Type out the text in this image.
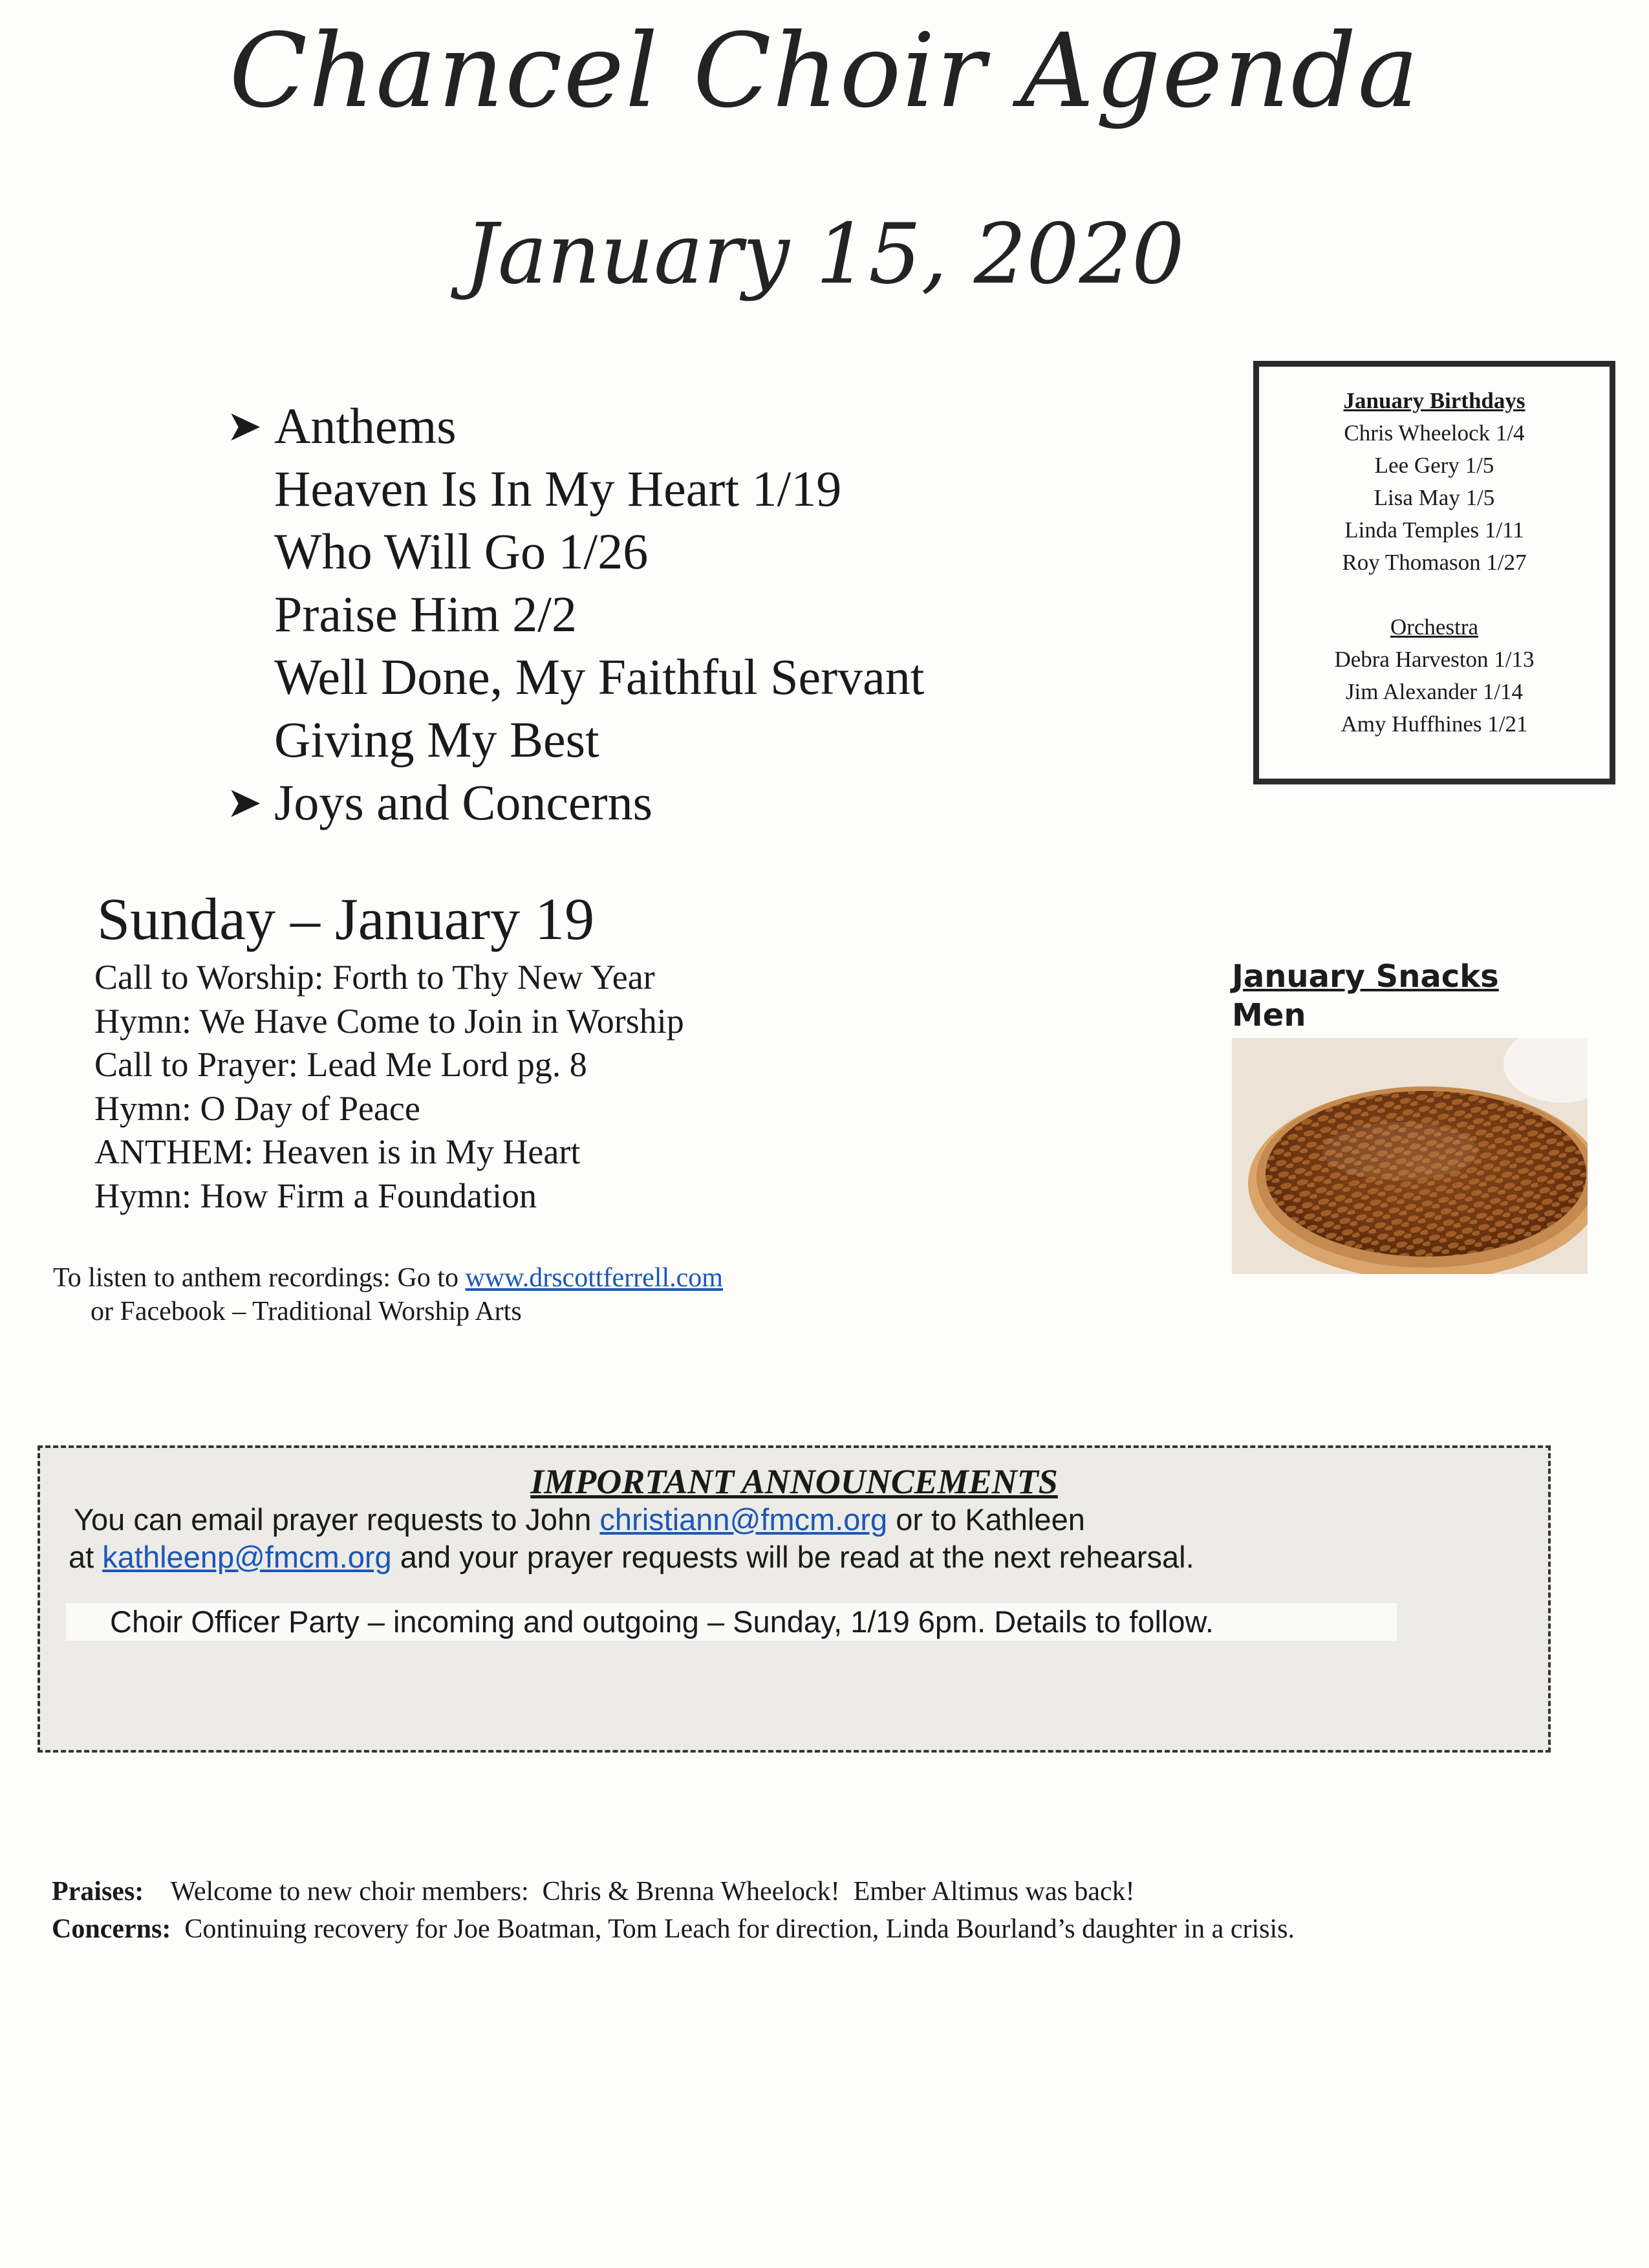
Chancel Choir Agenda
January 15, 2020
➤ Anthems
Heaven Is In My Heart 1/19
Who Will Go 1/26
Praise Him 2/2
Well Done, My Faithful Servant
Giving My Best
➤ Joys and Concerns
January Birthdays
Chris Wheelock 1/4
Lee Gery 1/5
Lisa May 1/5
Linda Temples 1/11
Roy Thomason 1/27
Orchestra
Debra Harveston 1/13
Jim Alexander 1/14
Amy Huffhines 1/21
Sunday – January 19
Call to Worship: Forth to Thy New Year
Hymn: We Have Come to Join in Worship
Call to Prayer: Lead Me Lord pg. 8
Hymn: O Day of Peace
ANTHEM: Heaven is in My Heart
Hymn: How Firm a Foundation
January Snacks
Men
To listen to anthem recordings: Go to www.drscottferrell.com
or Facebook – Traditional Worship Arts
IMPORTANT ANNOUNCEMENTS
You can email prayer requests to John christiann@fmcm.org or to Kathleen
at kathleenp@fmcm.org and your prayer requests will be read at the next rehearsal.
Choir Officer Party – incoming and outgoing – Sunday, 1/19 6pm. Details to follow.
Praises:    Welcome to new choir members:  Chris & Brenna Wheelock!  Ember Altimus was back!
Concerns:  Continuing recovery for Joe Boatman, Tom Leach for direction, Linda Bourland’s daughter in a crisis.
